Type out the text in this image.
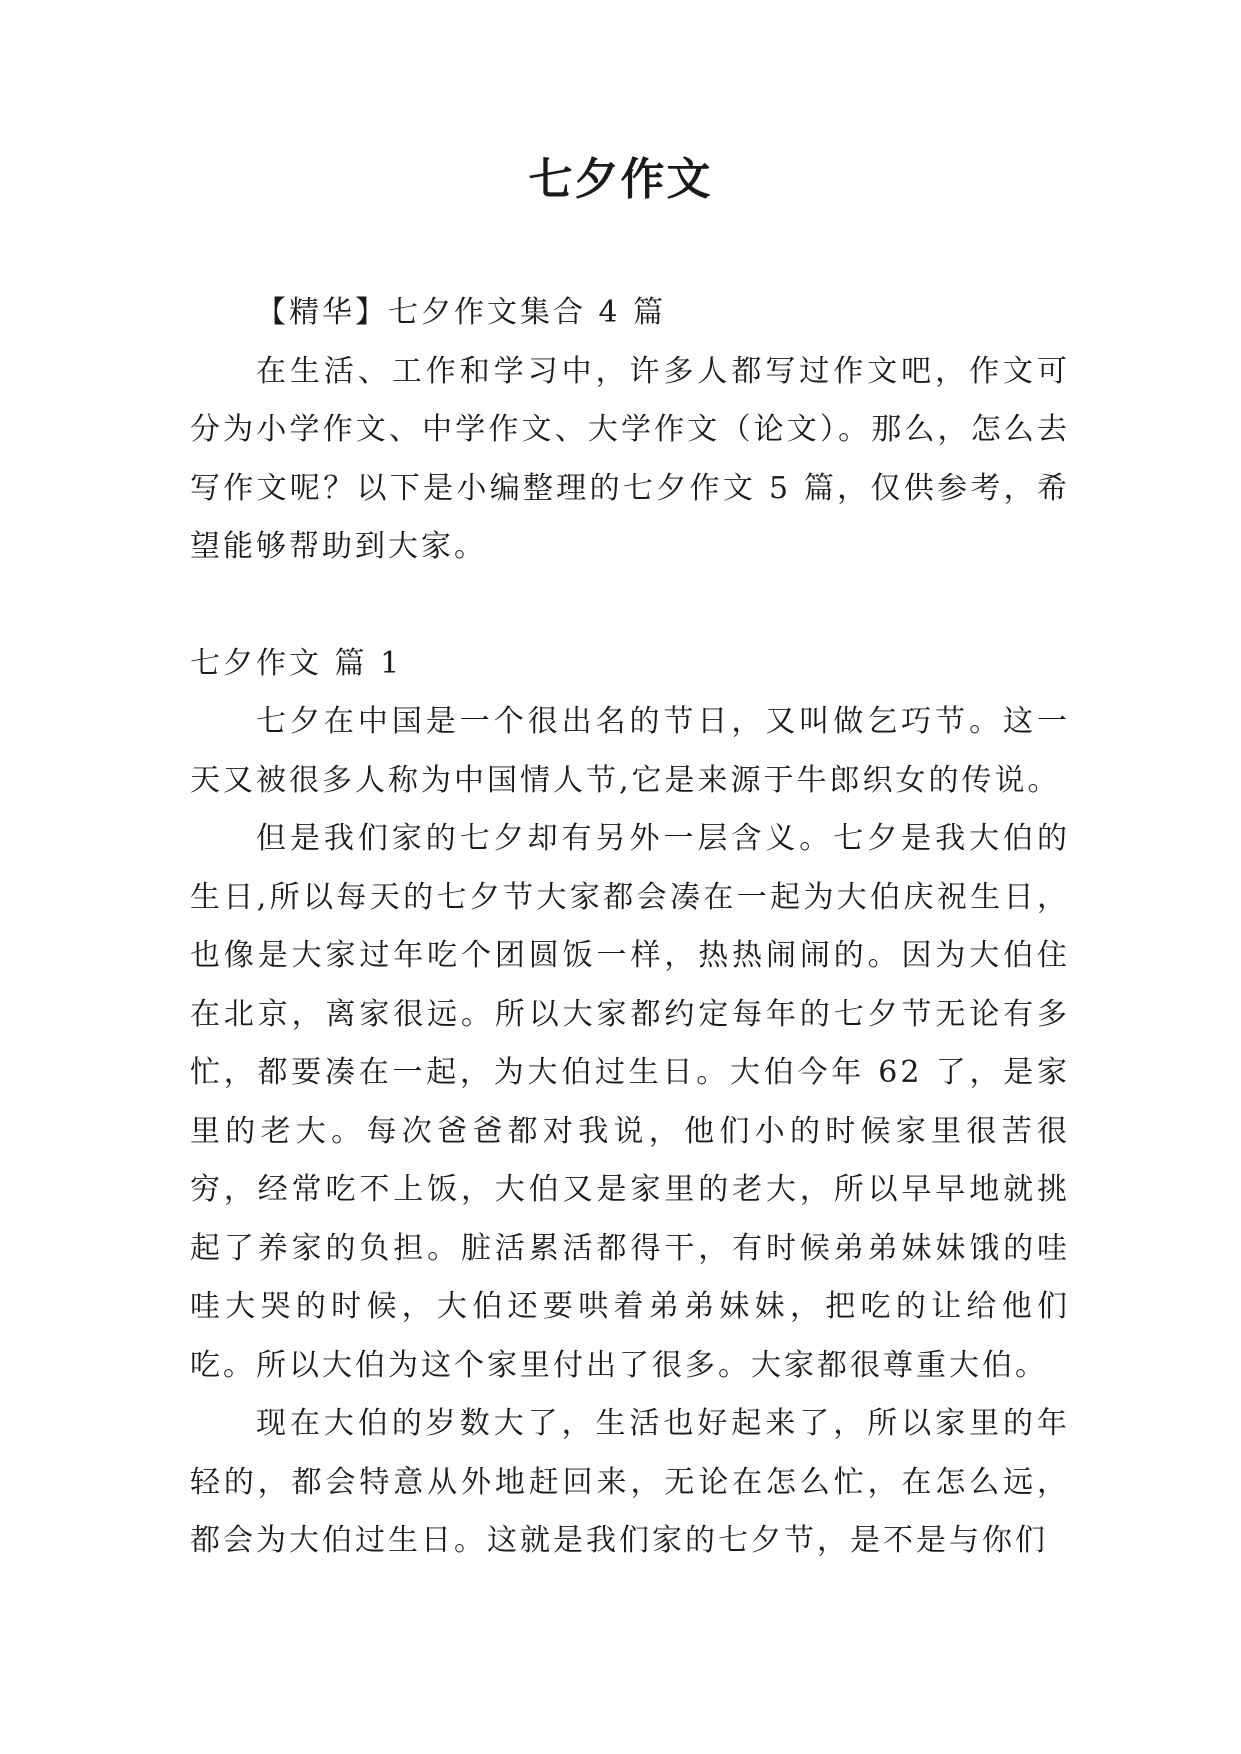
七夕作文

【精华】七夕作文集合 4 篇

在生活、工作和学习中，许多人都写过作文吧，作文可分为小学作文、中学作文、大学作文（论文）。那么，怎么去写作文呢？以下是小编整理的七夕作文 5 篇，仅供参考，希望能够帮助到大家。

七夕作文 篇 1

七夕在中国是一个很出名的节日，又叫做乞巧节。这一天又被很多人称为中国情人节,它是来源于牛郎织女的传说。

但是我们家的七夕却有另外一层含义。七夕是我大伯的生日,所以每天的七夕节大家都会凑在一起为大伯庆祝生日，也像是大家过年吃个团圆饭一样，热热闹闹的。因为大伯住在北京，离家很远。所以大家都约定每年的七夕节无论有多忙，都要凑在一起，为大伯过生日。大伯今年 62 了，是家里的老大。每次爸爸都对我说，他们小的时候家里很苦很穷，经常吃不上饭，大伯又是家里的老大，所以早早地就挑起了养家的负担。脏活累活都得干，有时候弟弟妹妹饿的哇哇大哭的时候，大伯还要哄着弟弟妹妹，把吃的让给他们吃。所以大伯为这个家里付出了很多。大家都很尊重大伯。

现在大伯的岁数大了，生活也好起来了，所以家里的年轻的，都会特意从外地赶回来，无论在怎么忙，在怎么远，都会为大伯过生日。这就是我们家的七夕节，是不是与你们
